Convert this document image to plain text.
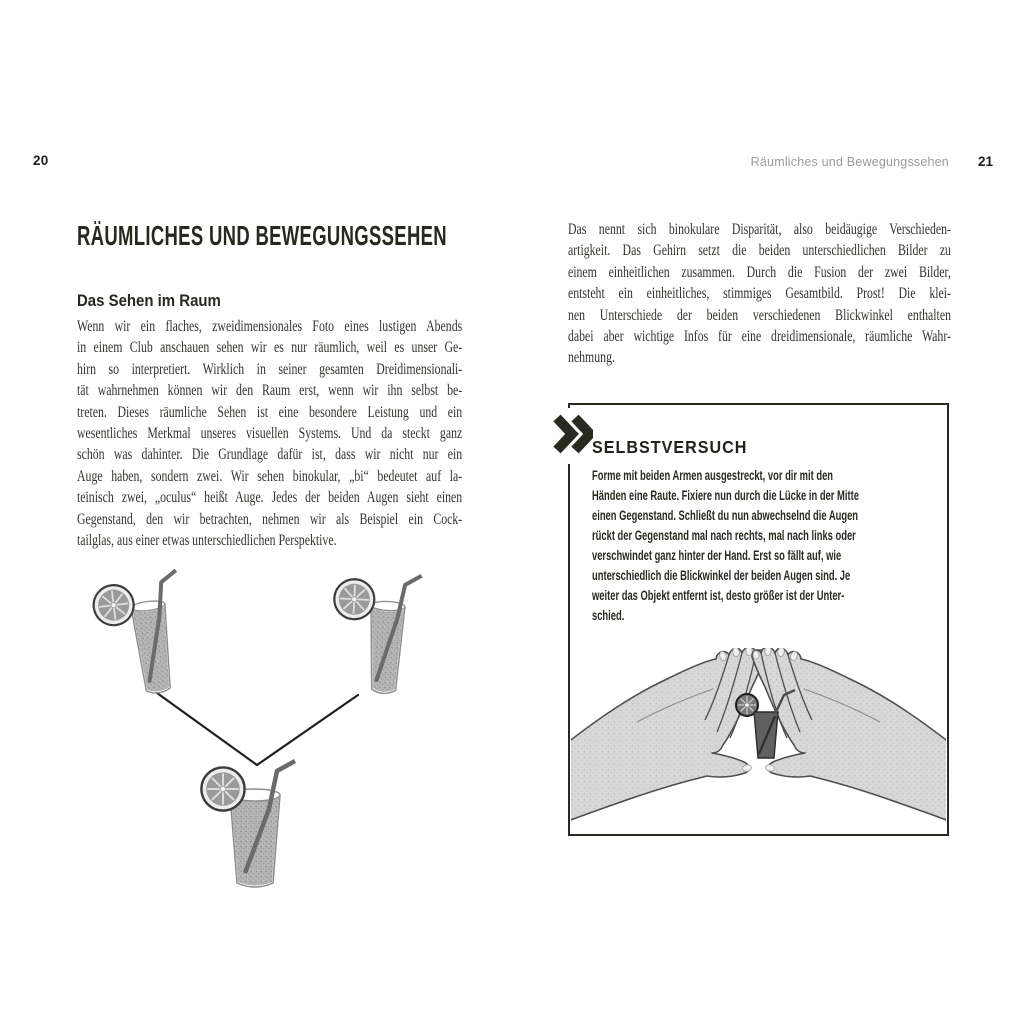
20	Räumliches und Bewegungssehen 21
RÄUMLICHES UND BEWEGUNGSSEHEN
Das Sehen im Raum
Wenn wir ein flaches, zweidimensionales Foto eines lustigen Abends
in einem Club anschauen sehen wir es nur räumlich, weil es unser Ge-
hirn so interpretiert. Wirklich in seiner gesamten Dreidimensionali-
tät wahrnehmen können wir den Raum erst, wenn wir ihn selbst be-
treten. Dieses räumliche Sehen ist eine besondere Leistung und ein
wesentliches Merkmal unseres visuellen Systems. Und da steckt ganz
schön was dahinter. Die Grundlage dafür ist, dass wir nicht nur ein
Auge haben, sondern zwei. Wir sehen binokular, „bi“ bedeutet auf la-
teinisch zwei, „oculus“ heißt Auge. Jedes der beiden Augen sieht einen
Gegenstand, den wir betrachten, nehmen wir als Beispiel ein Cock-
tailglas, aus einer etwas unterschiedlichen Perspektive.
Das nennt sich binokulare Disparität, also beidäugige Verschieden-
artigkeit. Das Gehirn setzt die beiden unterschiedlichen Bilder zu
einem einheitlichen zusammen. Durch die Fusion der zwei Bilder,
entsteht ein einheitliches, stimmiges Gesamtbild. Prost! Die klei-
nen Unterschiede der beiden verschiedenen Blickwinkel enthalten
dabei aber wichtige Infos für eine dreidimensionale, räumliche Wahr-
nehmung.
SELBSTVERSUCH
Forme mit beiden Armen ausgestreckt, vor dir mit den
Händen eine Raute. Fixiere nun durch die Lücke in der Mitte
einen Gegenstand. Schließt du nun abwechselnd die Augen
rückt der Gegenstand mal nach rechts, mal nach links oder
verschwindet ganz hinter der Hand. Erst so fällt auf, wie
unterschiedlich die Blickwinkel der beiden Augen sind. Je
weiter das Objekt entfernt ist, desto größer ist der Unter-
schied.
